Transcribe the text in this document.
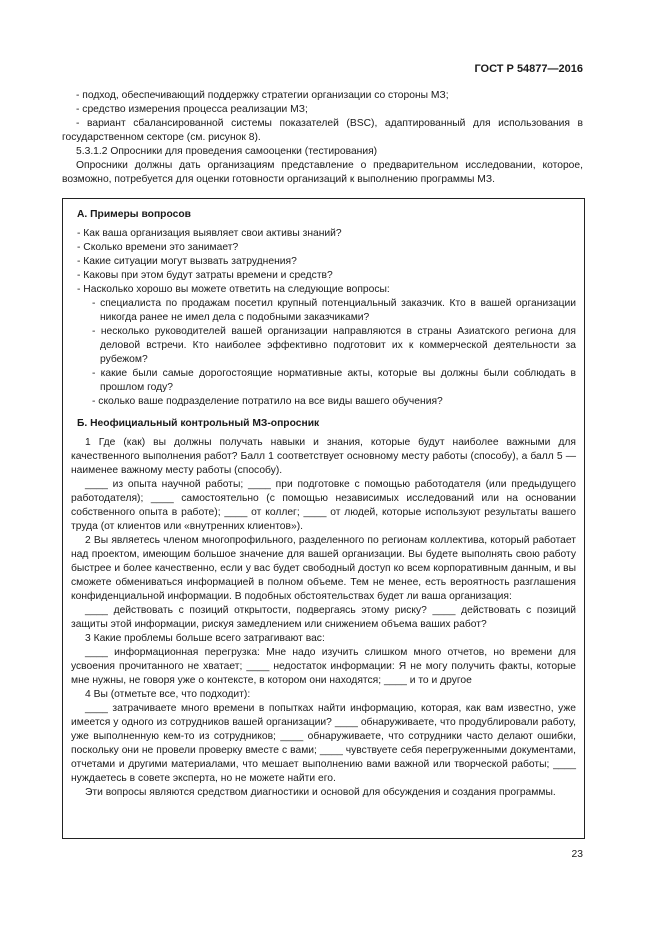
ГОСТ Р 54877—2016

- подход, обеспечивающий поддержку стратегии организации со стороны МЗ;

- средство измерения процесса реализации МЗ;

- вариант сбалансированной системы показателей (BSC), адаптированный для использования в государственном секторе (см. рисунок 8).

5.3.1.2 Опросники для проведения самооценки (тестирования)

Опросники должны дать организациям представление о предварительном исследовании, которое, возможно, потребуется для оценки готовности организаций к выполнению программы МЗ.

А. Примеры вопросов

- Как ваша организация выявляет свои активы знаний?

- Сколько времени это занимает?

- Какие ситуации могут вызвать затруднения?

- Каковы при этом будут затраты времени и средств?

- Насколько хорошо вы можете ответить на следующие вопросы:

- специалиста по продажам посетил крупный потенциальный заказчик. Кто в вашей организации никогда ранее не имел дела с подобными заказчиками?

- несколько руководителей вашей организации направляются в страны Азиатского региона для деловой встречи. Кто наиболее эффективно подготовит их к коммерческой деятельности за рубежом?

- какие были самые дорогостоящие нормативные акты, которые вы должны были соблюдать в прошлом году?

- сколько ваше подразделение потратило на все виды вашего обучения?

Б. Неофициальный контрольный МЗ-опросник

1 Где (как) вы должны получать навыки и знания, которые будут наиболее важными для качественного выполнения работ? Балл 1 соответствует основному месту работы (способу), а балл 5 — наименее важному месту работы (способу).

____ из опыта научной работы; ____ при подготовке с помощью работодателя (или предыдущего работодателя); ____ самостоятельно (с помощью независимых исследований или на основании собственного опыта в работе); ____ от коллег; ____ от людей, которые используют результаты вашего труда (от клиентов или «внутренних клиентов»).

2 Вы являетесь членом многопрофильного, разделенного по регионам коллектива, который работает над проектом, имеющим большое значение для вашей организации. Вы будете выполнять свою работу быстрее и более качественно, если у вас будет свободный доступ ко всем корпоративным данным, и вы сможете обмениваться информацией в полном объеме. Тем не менее, есть вероятность разглашения конфиденциальной информации. В подобных обстоятельствах будет ли ваша организация:

____ действовать с позиций открытости, подвергаясь этому риску? ____ действовать с позиций защиты этой информации, рискуя замедлением или снижением объема ваших работ?

3 Какие проблемы больше всего затрагивают вас:

____ информационная перегрузка: Мне надо изучить слишком много отчетов, но времени для усвоения прочитанного не хватает; ____ недостаток информации: Я не могу получить факты, которые мне нужны, не говоря уже о контексте, в котором они находятся; ____ и то и другое

4 Вы (отметьте все, что подходит):

____ затрачиваете много времени в попытках найти информацию, которая, как вам известно, уже имеется у одного из сотрудников вашей организации? ____ обнаруживаете, что продублировали работу, уже выполненную кем-то из сотрудников; ____ обнаруживаете, что сотрудники часто делают ошибки, поскольку они не провели проверку вместе с вами; ____ чувствуете себя перегруженными документами, отчетами и другими материалами, что мешает выполнению вами важной или творческой работы; ____ нуждаетесь в совете эксперта, но не можете найти его.

Эти вопросы являются средством диагностики и основой для обсуждения и создания программы.

23
